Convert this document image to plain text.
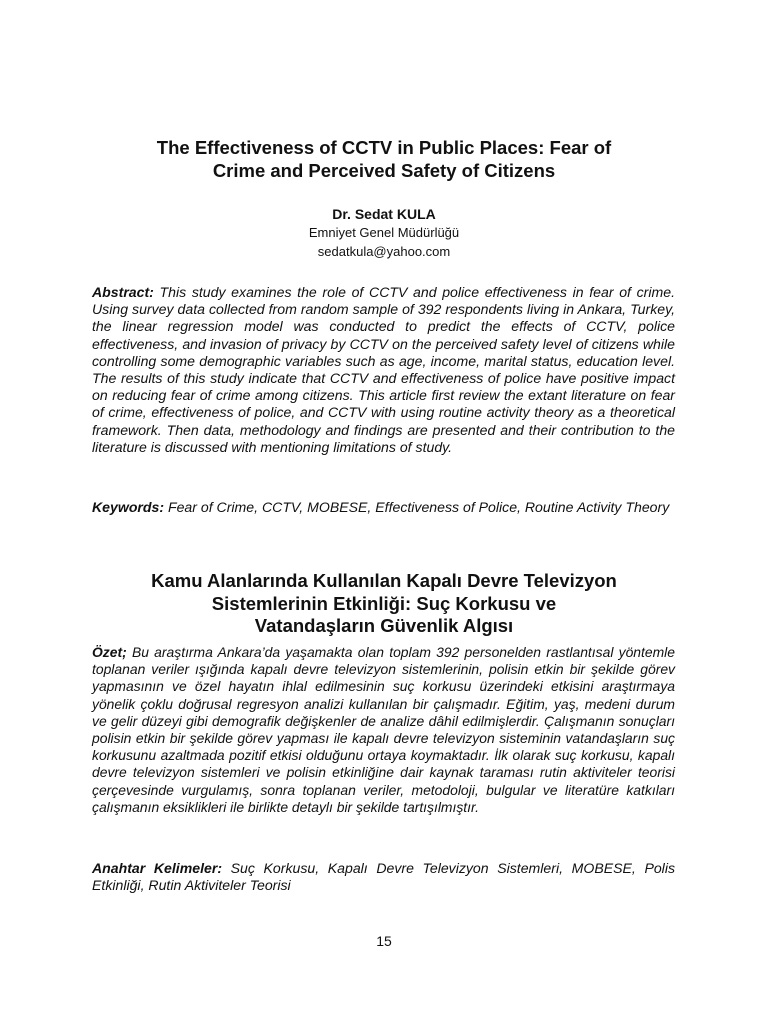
The Effectiveness of CCTV in Public Places: Fear of
Crime and Perceived Safety of Citizens

Dr. Sedat KULA

Emniyet Genel Müdürlüğü

sedatkula@yahoo.com

Abstract: This study examines the role of CCTV and police effectiveness in fear of crime. Using survey data collected from random sample of 392 respondents living in Ankara, Turkey, the linear regression model was conducted to predict the effects of CCTV, police effectiveness, and invasion of privacy by CCTV on the perceived safety level of citizens while controlling some demographic variables such as age, income, marital status, education level. The results of this study indicate that CCTV and effectiveness of police have positive impact on reducing fear of crime among citizens. This article first review the extant literature on fear of crime, effectiveness of police, and CCTV with using routine activity theory as a theoretical framework. Then data, methodology and findings are presented and their contribution to the literature is discussed with mentioning limitations of study.

Keywords: Fear of Crime, CCTV, MOBESE, Effectiveness of Police, Routine Activity Theory

Kamu Alanlarında Kullanılan Kapalı Devre Televizyon
Sistemlerinin Etkinliği: Suç Korkusu ve
Vatandaşların Güvenlik Algısı

Özet; Bu araştırma Ankara’da yaşamakta olan toplam 392 personelden rastlantısal yöntemle toplanan veriler ışığında kapalı devre televizyon sistemlerinin, polisin etkin bir şekilde görev yapmasının ve özel hayatın ihlal edilmesinin suç korkusu üzerindeki etkisini araştırmaya yönelik çoklu doğrusal regresyon analizi kullanılan bir çalışmadır. Eğitim, yaş, medeni durum ve gelir düzeyi gibi demografik değişkenler de analize dâhil edilmişlerdir. Çalışmanın sonuçları polisin etkin bir şekilde görev yapması ile kapalı devre televizyon sisteminin vatandaşların suç korkusunu azaltmada pozitif etkisi olduğunu ortaya koymaktadır. İlk olarak suç korkusu, kapalı devre televizyon sistemleri ve polisin etkinliğine dair kaynak taraması rutin aktiviteler teorisi çerçevesinde vurgulamış, sonra toplanan veriler, metodoloji, bulgular ve literatüre katkıları çalışmanın eksiklikleri ile birlikte detaylı bir şekilde tartışılmıştır.

Anahtar Kelimeler: Suç Korkusu, Kapalı Devre Televizyon Sistemleri, MOBESE, Polis Etkinliği, Rutin Aktiviteler Teorisi

15
